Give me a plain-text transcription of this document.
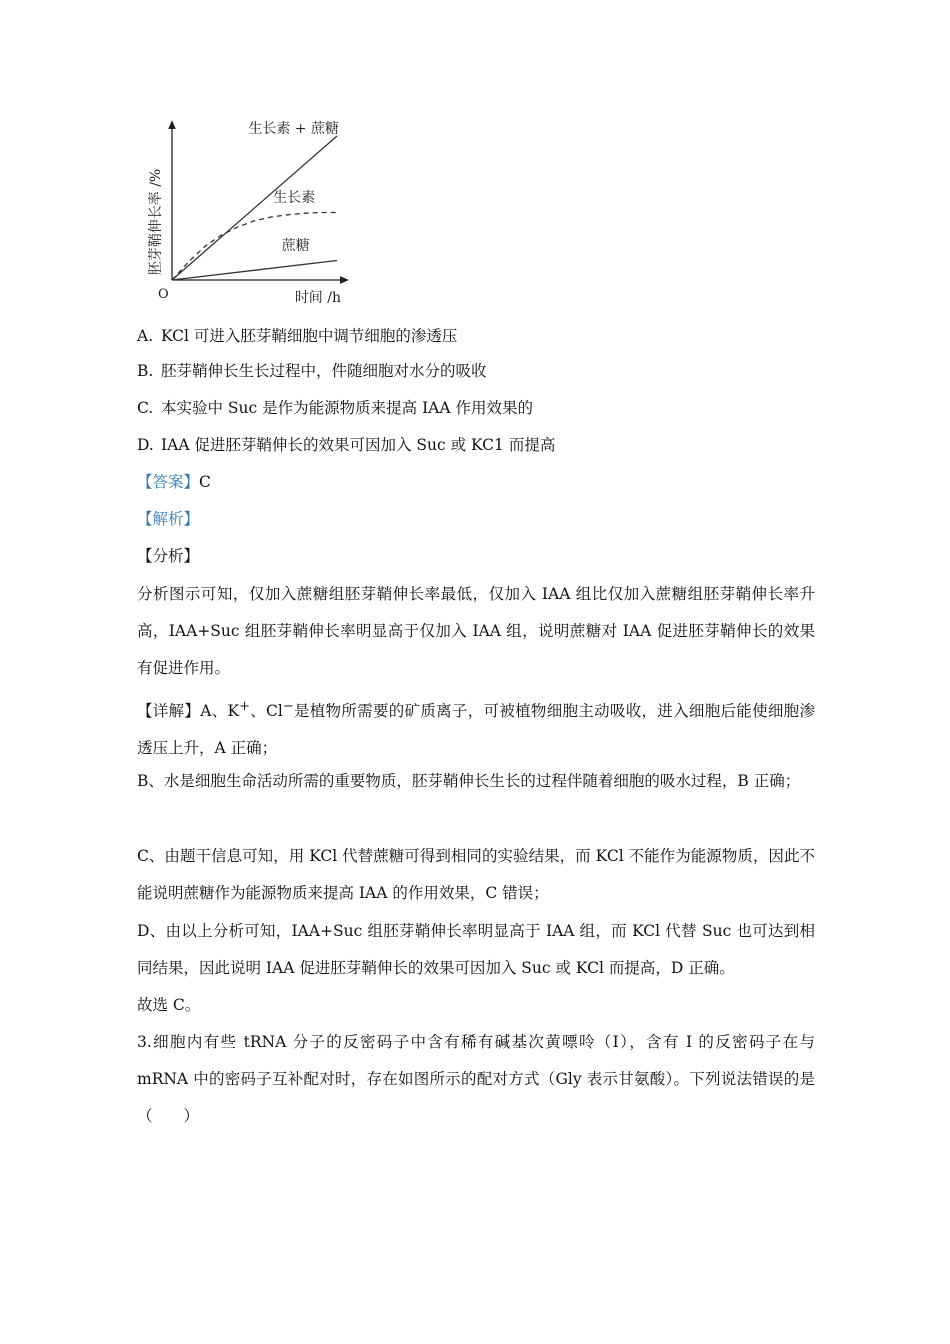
胚芽鞘伸长率 /%
O	时间 /h
生长素 + 蔗糖
生长素
蔗糖
A. KCl 可进入胚芽鞘细胞中调节细胞的渗透压
B. 胚芽鞘伸长生长过程中，件随细胞对水分的吸收
C. 本实验中 Suc 是作为能源物质来提高 IAA 作用效果的
D. IAA 促进胚芽鞘伸长的效果可因加入 Suc 或 KC1 而提高
【答案】C
【解析】
【分析】
分析图示可知，仅加入蔗糖组胚芽鞘伸长率最低，仅加入 IAA 组比仅加入蔗糖组胚芽鞘伸长率升高，IAA+Suc 组胚芽鞘伸长率明显高于仅加入 IAA 组，说明蔗糖对 IAA 促进胚芽鞘伸长的效果有促进作用。
【详解】A、K+、Cl−是植物所需要的矿质离子，可被植物细胞主动吸收，进入细胞后能使细胞渗透压上升，A 正确；
B、水是细胞生命活动所需的重要物质，胚芽鞘伸长生长的过程伴随着细胞的吸水过程，B 正确；
C、由题干信息可知，用 KCl 代替蔗糖可得到相同的实验结果，而 KCl 不能作为能源物质，因此不能说明蔗糖作为能源物质来提高 IAA 的作用效果，C 错误；
D、由以上分析可知，IAA+Suc 组胚芽鞘伸长率明显高于 IAA 组，而 KCl 代替 Suc 也可达到相同结果，因此说明 IAA 促进胚芽鞘伸长的效果可因加入 Suc 或 KCl 而提高，D 正确。
故选 C。
3.细胞内有些 tRNA 分子的反密码子中含有稀有碱基次黄嘌呤（I），含有 I 的反密码子在与 mRNA 中的密码子互补配对时，存在如图所示的配对方式（Gly 表示甘氨酸）。下列说法错误的是（　　）
